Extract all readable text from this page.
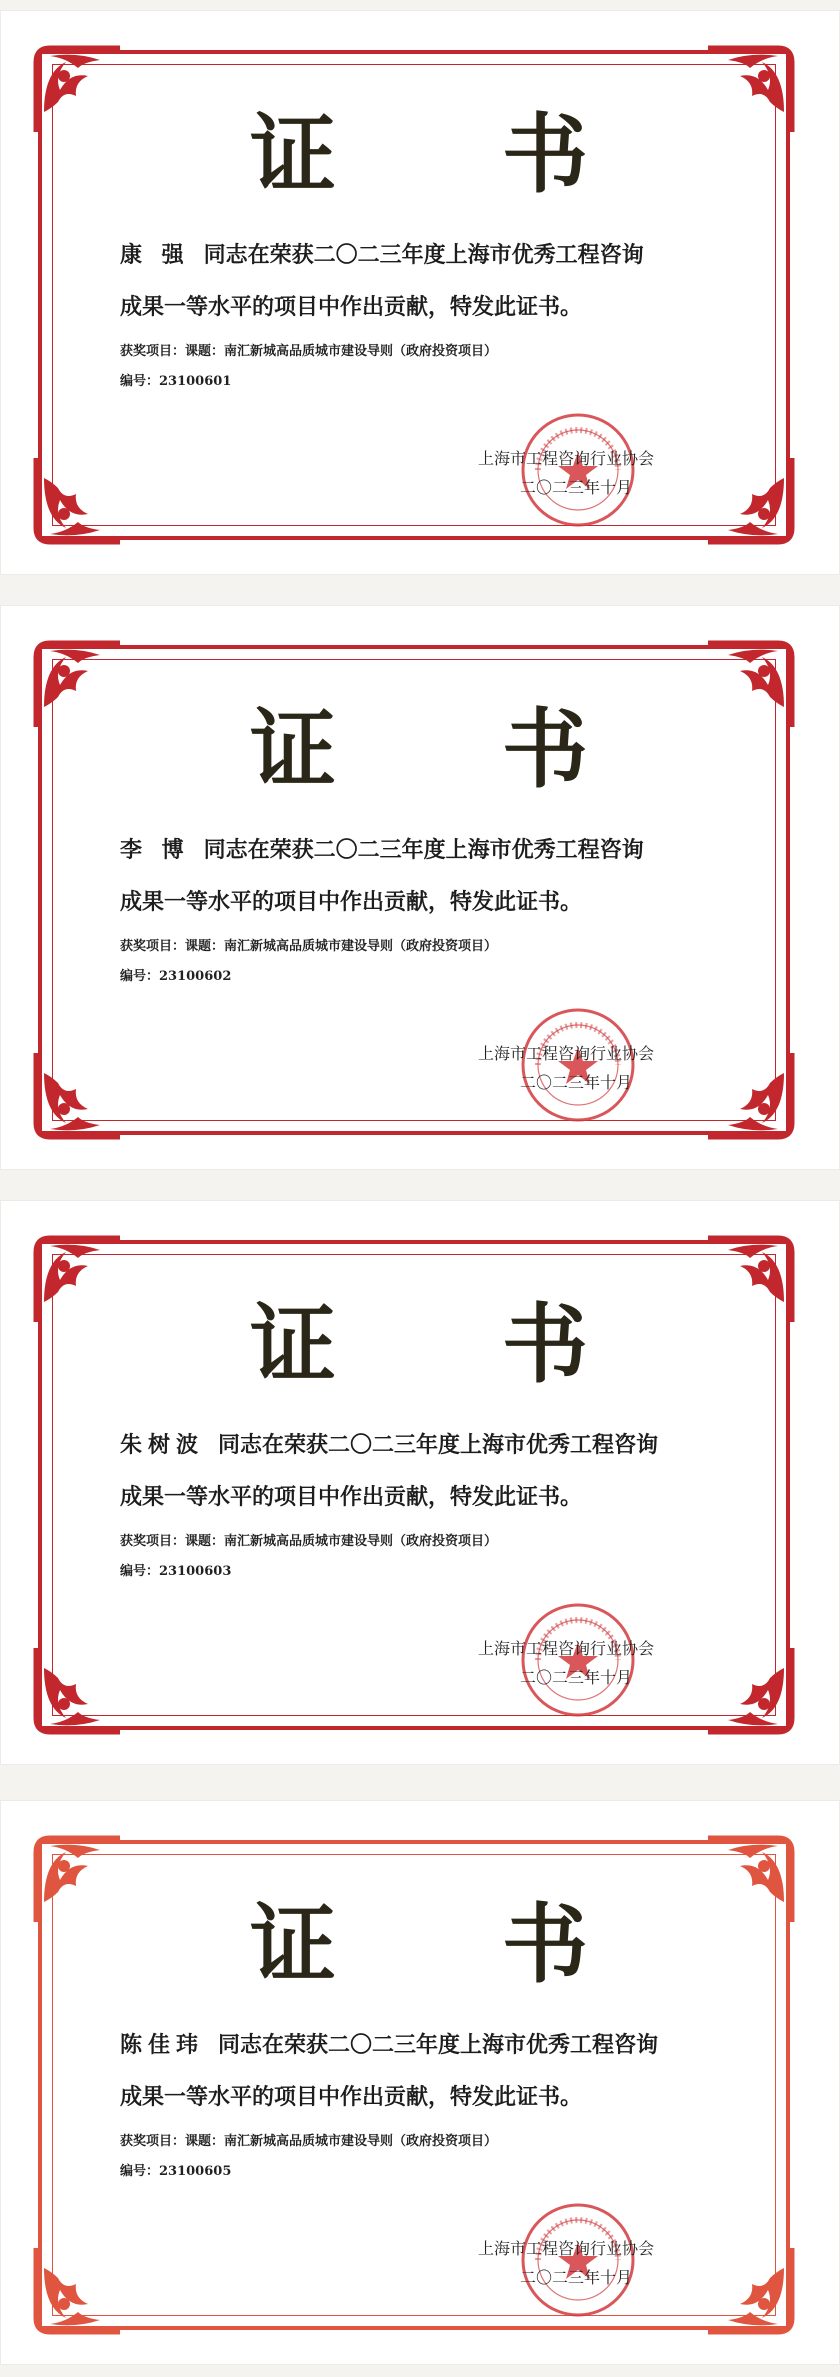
证 书
康 强 同志在荣获二〇二三年度上海市优秀工程咨询
成果一等水平的项目中作出贡献，特发此证书。
获奖项目：课题：南汇新城高品质城市建设导则（政府投资项目）
编号：23100601
上海市工程咨询行业协会
二〇二三年十月
证 书
李 博 同志在荣获二〇二三年度上海市优秀工程咨询
成果一等水平的项目中作出贡献，特发此证书。
获奖项目：课题：南汇新城高品质城市建设导则（政府投资项目）
编号：23100602
上海市工程咨询行业协会
二〇二三年十月
证 书
朱树波 同志在荣获二〇二三年度上海市优秀工程咨询
成果一等水平的项目中作出贡献，特发此证书。
获奖项目：课题：南汇新城高品质城市建设导则（政府投资项目）
编号：23100603
上海市工程咨询行业协会
二〇二三年十月
证 书
陈佳玮 同志在荣获二〇二三年度上海市优秀工程咨询
成果一等水平的项目中作出贡献，特发此证书。
获奖项目：课题：南汇新城高品质城市建设导则（政府投资项目）
编号：23100605
上海市工程咨询行业协会
二〇二三年十月
